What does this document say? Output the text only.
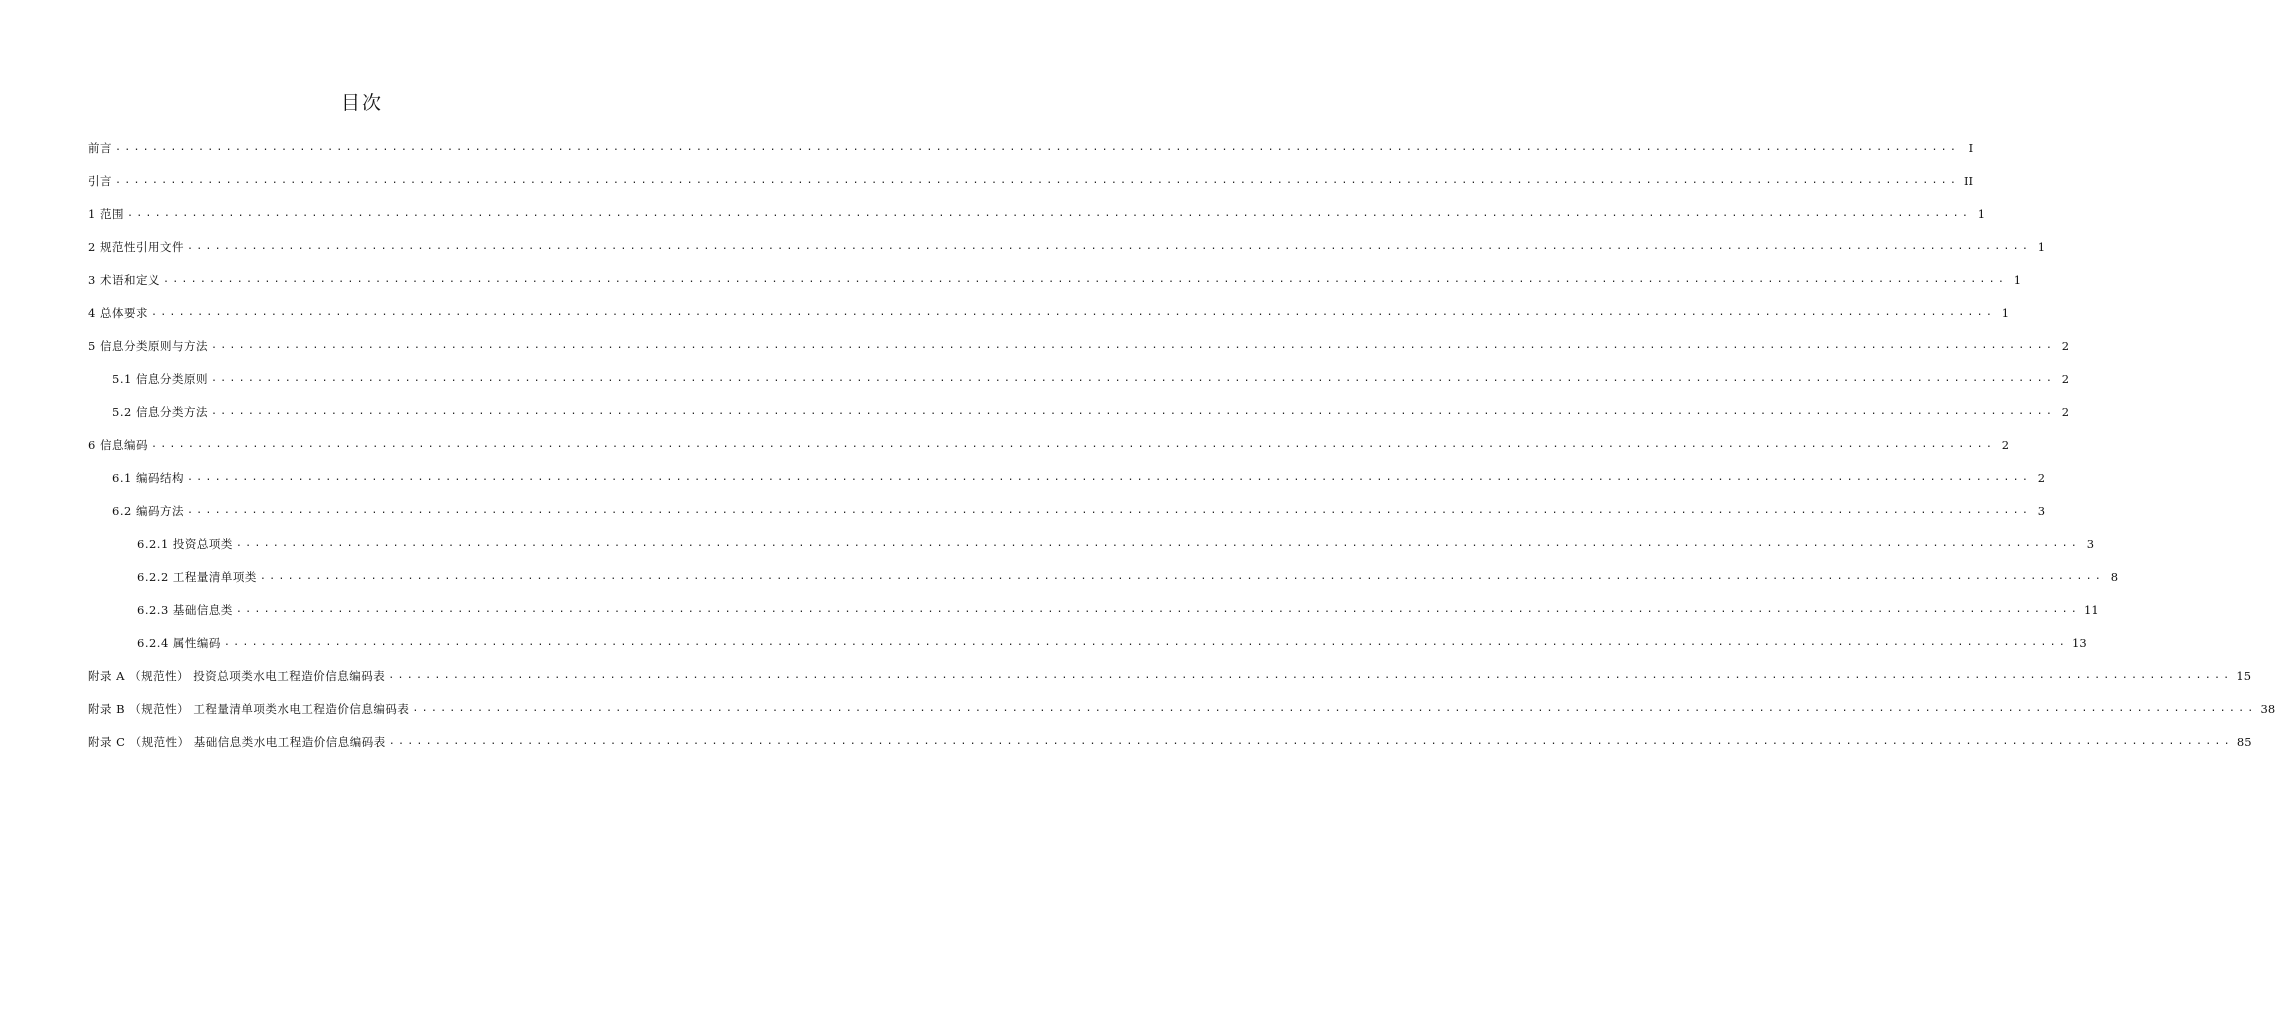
目次
前言 ........................................................................................................................................................................................................ I
引言 ........................................................................................................................................................................................................ II
1 范围 ........................................................................................................................................................................................................ 1
2 规范性引用文件 ........................................................................................................................................................................................................ 1
3 术语和定义 ........................................................................................................................................................................................................ 1
4 总体要求 ........................................................................................................................................................................................................ 1
5 信息分类原则与方法 ........................................................................................................................................................................................................ 2
5.1 信息分类原则 ........................................................................................................................................................................................................ 2
5.2 信息分类方法 ........................................................................................................................................................................................................ 2
6 信息编码 ........................................................................................................................................................................................................ 2
6.1 编码结构 ........................................................................................................................................................................................................ 2
6.2 编码方法 ........................................................................................................................................................................................................ 3
6.2.1 投资总项类 ........................................................................................................................................................................................................ 3
6.2.2 工程量清单项类 ........................................................................................................................................................................................................ 8
6.2.3 基础信息类 ........................................................................................................................................................................................................ 11
6.2.4 属性编码 ........................................................................................................................................................................................................ 13
附录 A （规范性） 投资总项类水电工程造价信息编码表 ........................................................................................................................................................................................................ 15
附录 B （规范性） 工程量清单项类水电工程造价信息编码表 ........................................................................................................................................................................................................ 38
附录 C （规范性） 基础信息类水电工程造价信息编码表 ........................................................................................................................................................................................................ 85
